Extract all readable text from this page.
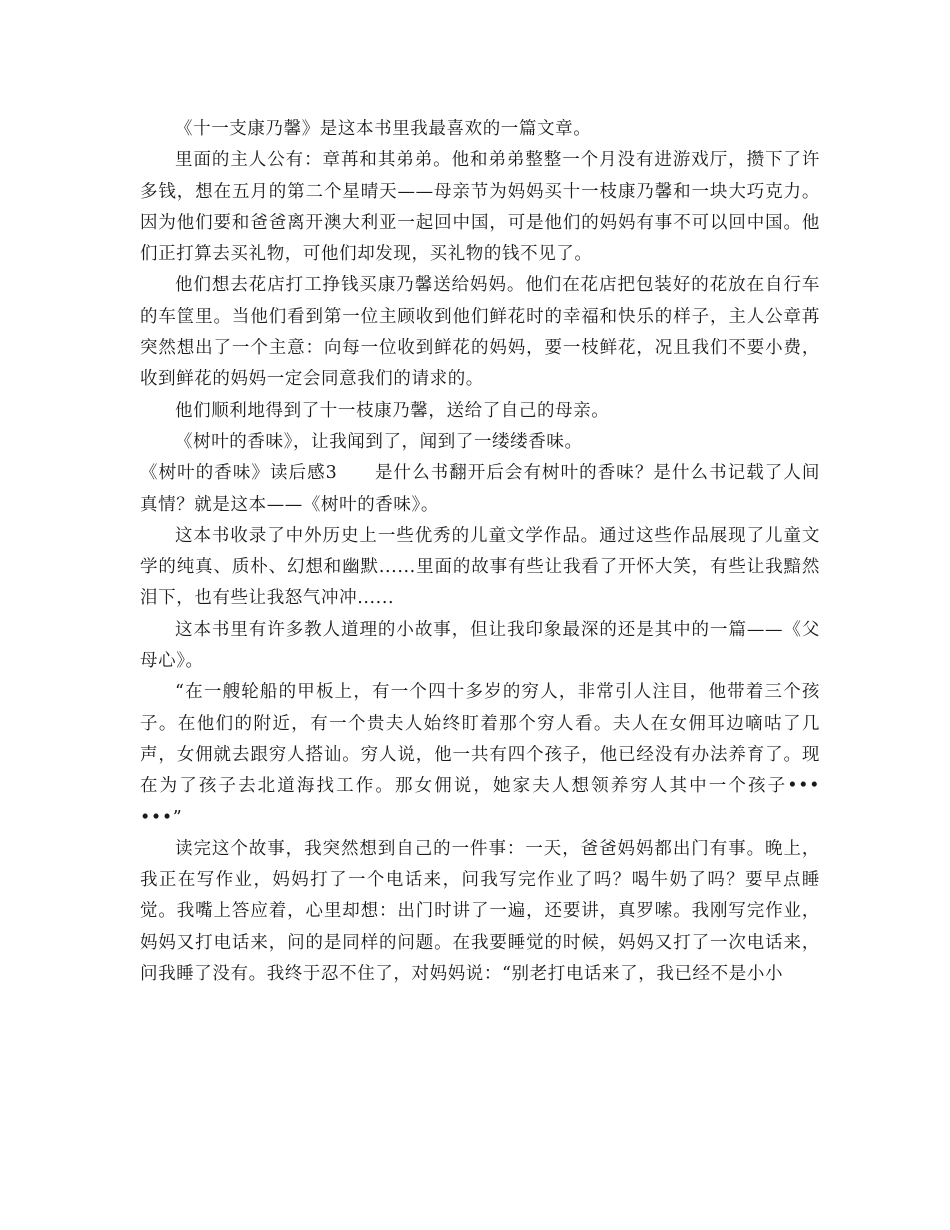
《十一支康乃馨》是这本书里我最喜欢的一篇文章。

里面的主人公有：章苒和其弟弟。他和弟弟整整一个月没有进游戏厅，攒下了许多钱，想在五月的第二个星晴天——母亲节为妈妈买十一枝康乃馨和一块大巧克力。因为他们要和爸爸离开澳大利亚一起回中国，可是他们的妈妈有事不可以回中国。他们正打算去买礼物，可他们却发现，买礼物的钱不见了。

他们想去花店打工挣钱买康乃馨送给妈妈。他们在花店把包装好的花放在自行车的车筐里。当他们看到第一位主顾收到他们鲜花时的幸福和快乐的样子，主人公章苒突然想出了一个主意：向每一位收到鲜花的妈妈，要一枝鲜花，况且我们不要小费，收到鲜花的妈妈一定会同意我们的请求的。

他们顺利地得到了十一枝康乃馨，送给了自己的母亲。

《树叶的香味》，让我闻到了，闻到了一缕缕香味。

《树叶的香味》读后感3　　是什么书翻开后会有树叶的香味？是什么书记载了人间真情？就是这本——《树叶的香味》。

这本书收录了中外历史上一些优秀的儿童文学作品。通过这些作品展现了儿童文学的纯真、质朴、幻想和幽默......里面的故事有些让我看了开怀大笑，有些让我黯然泪下，也有些让我怒气冲冲......

这本书里有许多教人道理的小故事，但让我印象最深的还是其中的一篇——《父母心》。

“在一艘轮船的甲板上，有一个四十多岁的穷人，非常引人注目，他带着三个孩子。在他们的附近，有一个贵夫人始终盯着那个穷人看。夫人在女佣耳边嘀咕了几声，女佣就去跟穷人搭讪。穷人说，他一共有四个孩子，他已经没有办法养育了。现在为了孩子去北道海找工作。那女佣说，她家夫人想领养穷人其中一个孩子•••　•••”

读完这个故事，我突然想到自己的一件事：一天，爸爸妈妈都出门有事。晚上，我正在写作业，妈妈打了一个电话来，问我写完作业了吗？喝牛奶了吗？要早点睡觉。我嘴上答应着，心里却想：出门时讲了一遍，还要讲，真罗嗦。我刚写完作业，妈妈又打电话来，问的是同样的问题。在我要睡觉的时候，妈妈又打了一次电话来，问我睡了没有。我终于忍不住了，对妈妈说：“别老打电话来了，我已经不是小小
